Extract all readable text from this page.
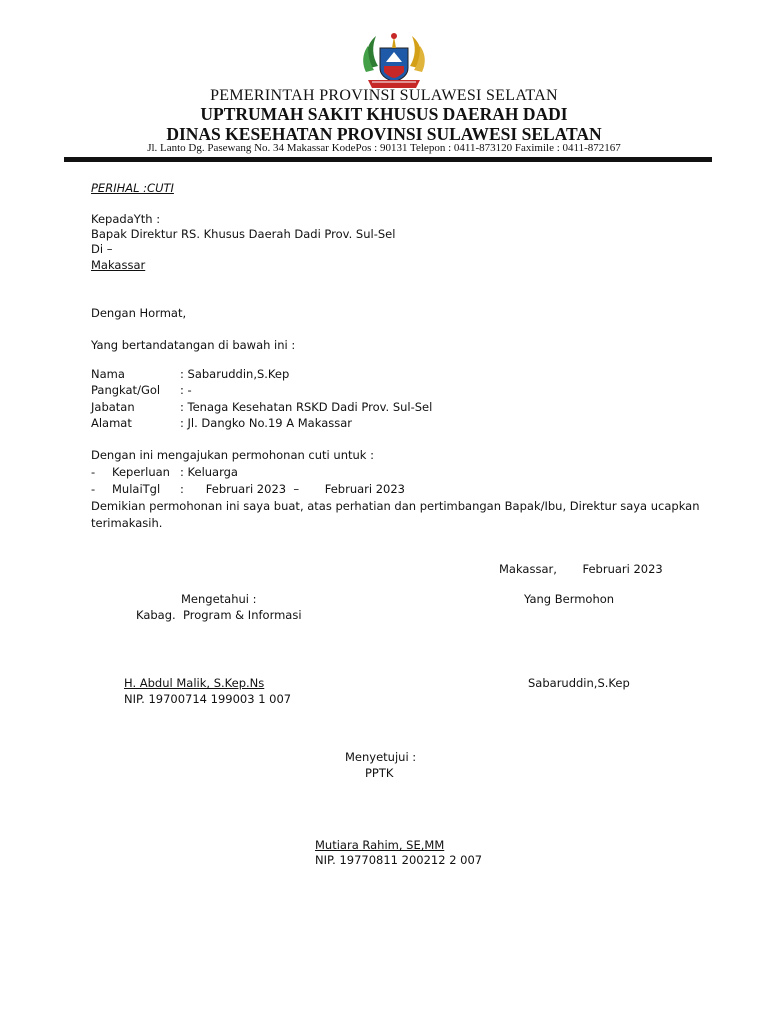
PEMERINTAH PROVINSI SULAWESI SELATAN
UPTRUMAH SAKIT KHUSUS DAERAH DADI
DINAS KESEHATAN PROVINSI SULAWESI SELATAN
Jl. Lanto Dg. Pasewang No. 34 Makassar KodePos : 90131 Telepon : 0411-873120 Faximile : 0411-872167
PERIHAL :CUTI
KepadaYth :
Bapak Direktur RS. Khusus Daerah Dadi Prov. Sul-Sel
Di –
Makassar
Dengan Hormat,
Yang bertandatangan di bawah ini :
Nama	: Sabaruddin,S.Kep
Pangkat/Gol : -
Jabatan	: Tenaga Kesehatan RSKD Dadi Prov. Sul-Sel
Alamat	: Jl. Dangko No.19 A Makassar
Dengan ini mengajukan permohonan cuti untuk :
- Keperluan : Keluarga
- MulaiTgl :      Februari 2023  –       Februari 2023
Demikian permohonan ini saya buat, atas perhatian dan pertimbangan Bapak/Ibu, Direktur saya ucapkan
terimakasih.
Makassar,       Februari 2023
Mengetahui :
Kabag.  Program & Informasi
H. Abdul Malik, S.Kep.Ns
NIP. 19700714 199003 1 007
Yang Bermohon
Sabaruddin,S.Kep
Menyetujui :
PPTK
Mutiara Rahim, SE,MM
NIP. 19770811 200212 2 007
